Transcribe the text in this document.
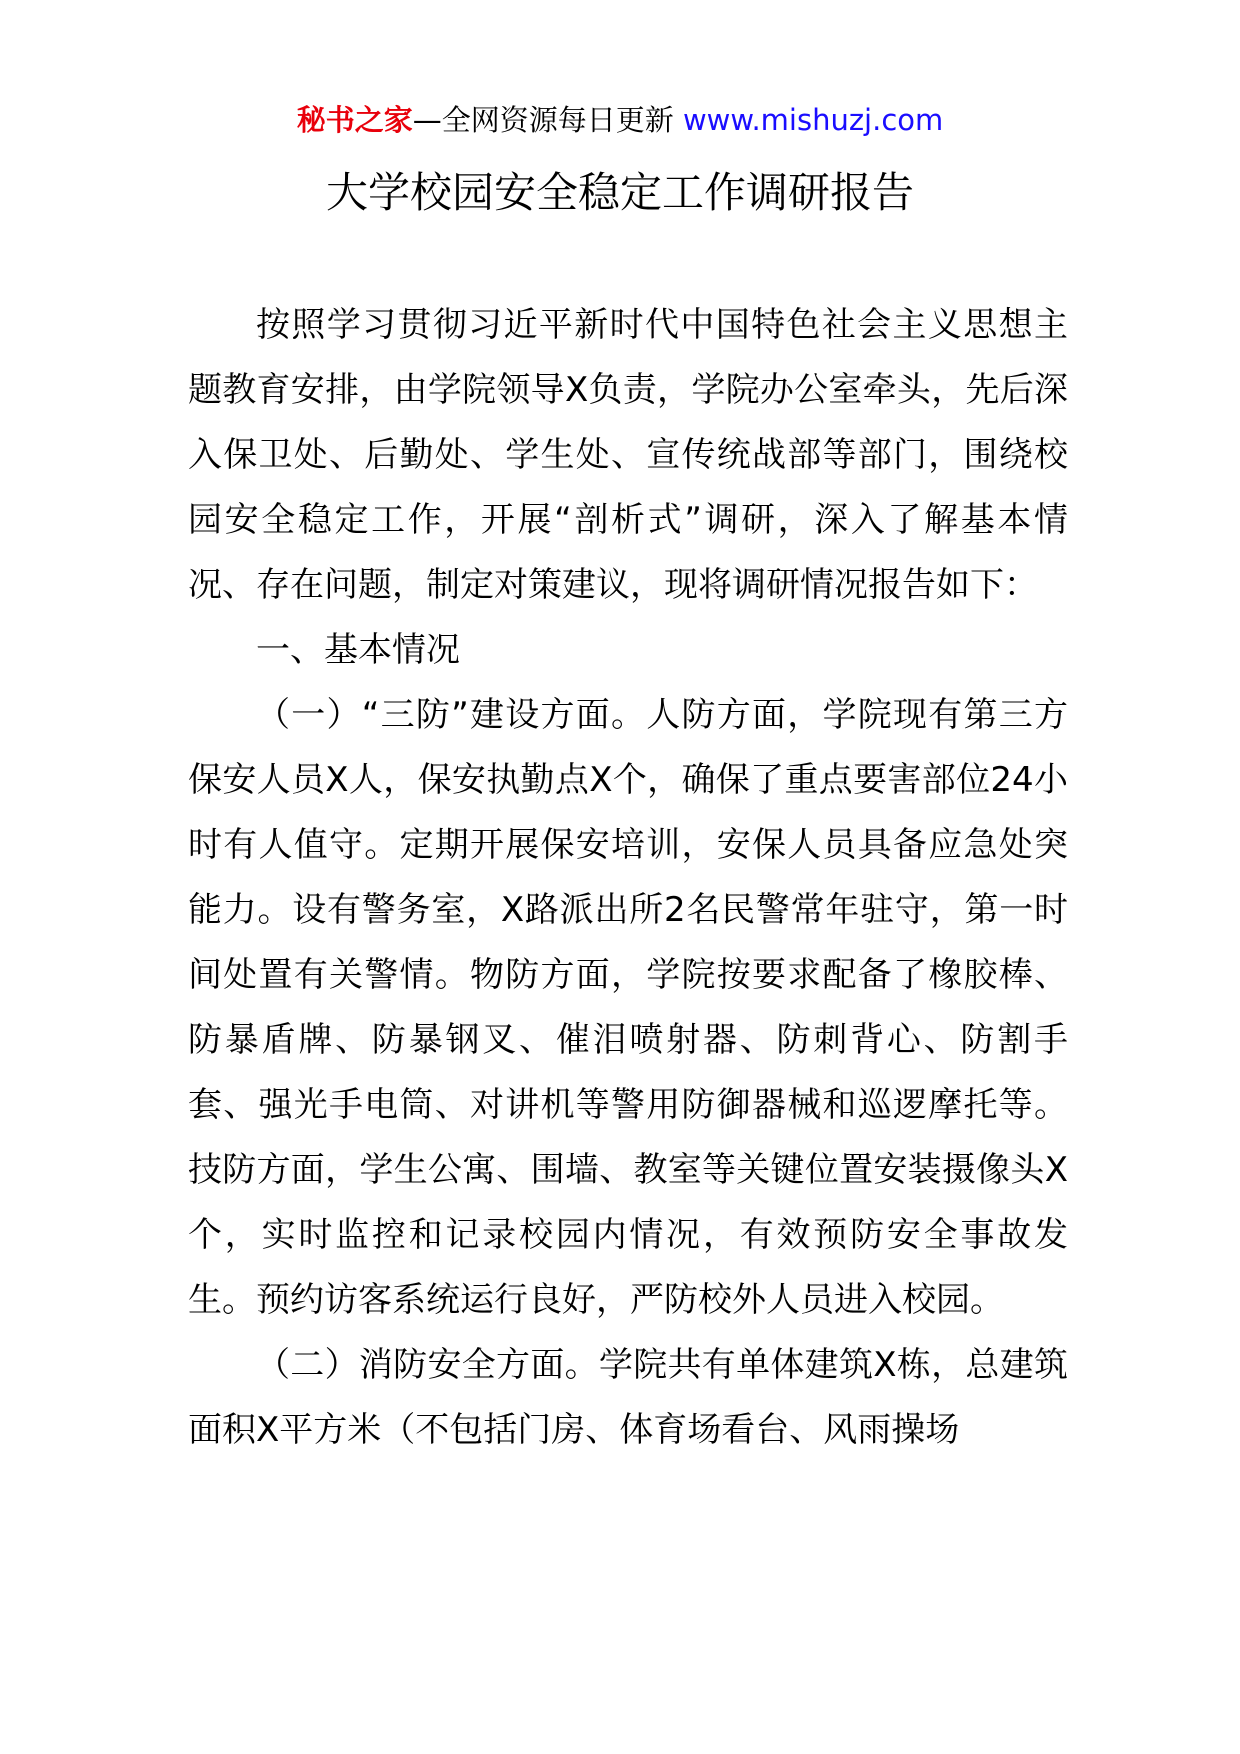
秘书之家—全网资源每日更新 www.mishuzj.com
大学校园安全稳定工作调研报告

按照学习贯彻习近平新时代中国特色社会主义思想主题教育安排，由学院领导X负责，学院办公室牵头，先后深入保卫处、后勤处、学生处、宣传统战部等部门，围绕校园安全稳定工作，开展“剖析式”调研，深入了解基本情况、存在问题，制定对策建议，现将调研情况报告如下：

一、基本情况

（一）“三防”建设方面。人防方面，学院现有第三方保安人员X人，保安执勤点X个，确保了重点要害部位24小时有人值守。定期开展保安培训，安保人员具备应急处突能力。设有警务室，X路派出所2名民警常年驻守，第一时间处置有关警情。物防方面，学院按要求配备了橡胶棒、防暴盾牌、防暴钢叉、催泪喷射器、防刺背心、防割手套、强光手电筒、对讲机等警用防御器械和巡逻摩托等。技防方面，学生公寓、围墙、教室等关键位置安装摄像头X个，实时监控和记录校园内情况，有效预防安全事故发生。预约访客系统运行良好，严防校外人员进入校园。

（二）消防安全方面。学院共有单体建筑X栋，总建筑面积X平方米（不包括门房、体育场看台、风雨操场
